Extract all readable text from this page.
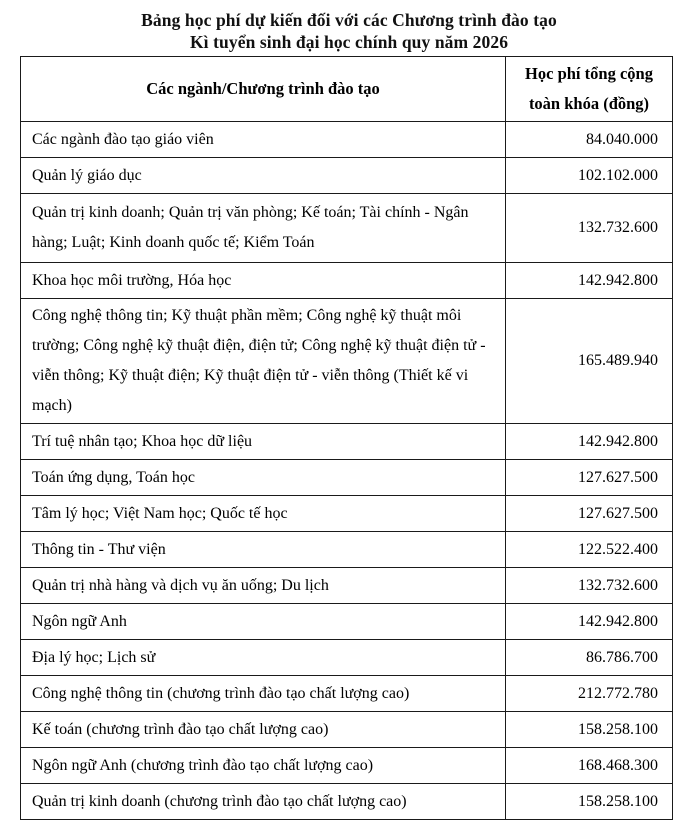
Bảng học phí dự kiến đối với các Chương trình đào tạo
Kì tuyển sinh đại học chính quy năm 2026
Các ngành/Chương trình đào tạo	Học phí tổng cộng
toàn khóa (đồng)

Các ngành đào tạo giáo viên	84.040.000
Quản lý giáo dục	102.102.000
Quản trị kinh doanh; Quản trị văn phòng; Kế toán; Tài chính - Ngân hàng; Luật; Kinh doanh quốc tế; Kiểm Toán	132.732.600
Khoa học môi trường, Hóa học	142.942.800
Công nghệ thông tin; Kỹ thuật phần mềm; Công nghệ kỹ thuật môi trường; Công nghệ kỹ thuật điện, điện tử; Công nghệ kỹ thuật điện tử - viễn thông; Kỹ thuật điện; Kỹ thuật điện tử - viễn thông (Thiết kế vi mạch)	165.489.940
Trí tuệ nhân tạo; Khoa học dữ liệu	142.942.800
Toán ứng dụng, Toán học	127.627.500
Tâm lý học; Việt Nam học; Quốc tế học	127.627.500
Thông tin - Thư viện	122.522.400
Quản trị nhà hàng và dịch vụ ăn uống; Du lịch	132.732.600
Ngôn ngữ Anh	142.942.800
Địa lý học; Lịch sử	86.786.700
Công nghệ thông tin (chương trình đào tạo chất lượng cao)	212.772.780
Kế toán (chương trình đào tạo chất lượng cao)	158.258.100
Ngôn ngữ Anh (chương trình đào tạo chất lượng cao)	168.468.300
Quản trị kinh doanh (chương trình đào tạo chất lượng cao)	158.258.100
